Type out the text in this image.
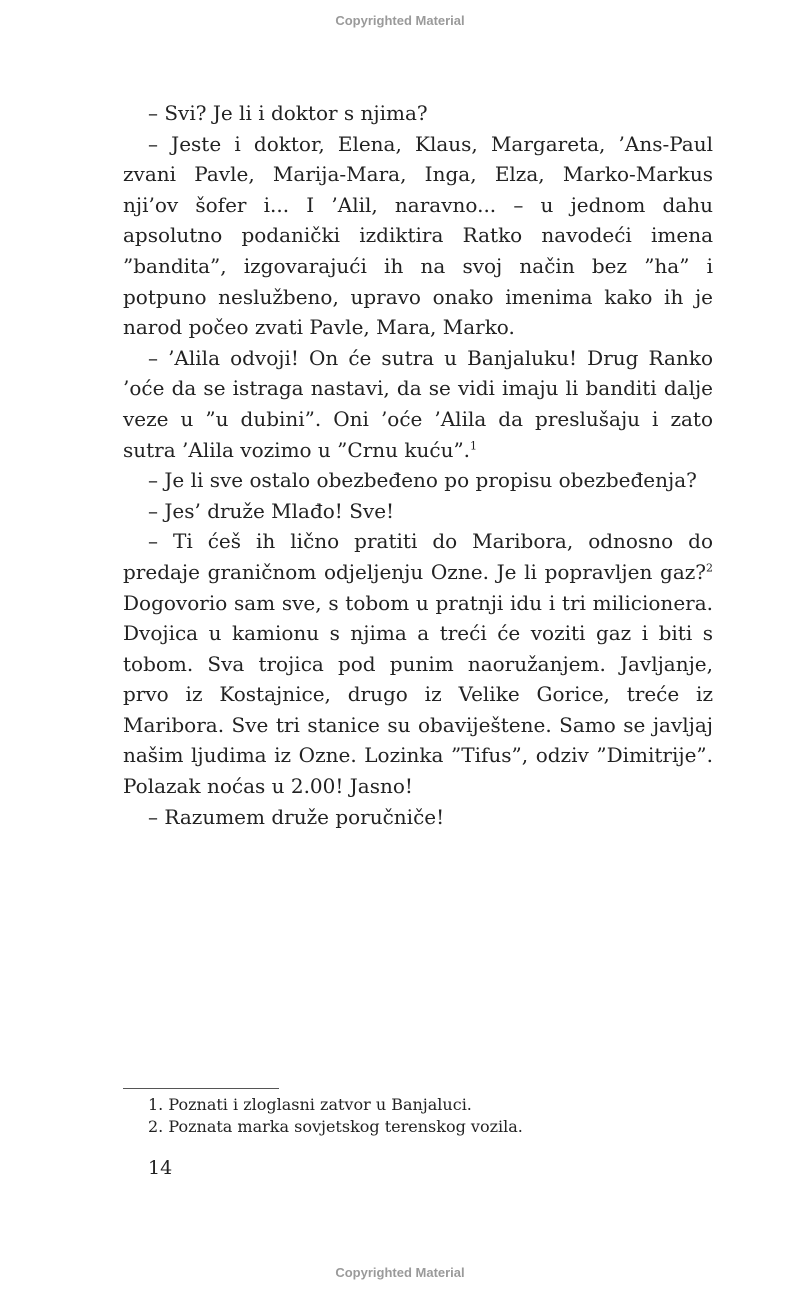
Copyrighted Material

– Svi? Je li i doktor s njima?

– Jeste i doktor, Elena, Klaus, Margareta, ’Ans-Paul zvani Pavle, Marija-Mara, Inga, Elza, Marko-Markus nji’ov šofer i... I ’Alil, naravno... – u jednom dahu apsolutno podanički izdiktira Ratko navodeći imena ”bandita”, izgovarajući ih na svoj način bez ”ha” i potpuno neslužbeno, upravo onako imenima kako ih je narod počeo zvati Pavle, Mara, Marko.

– ’Alila odvoji! On će sutra u Banjaluku! Drug Ranko ’oće da se istraga nastavi, da se vidi imaju li banditi dalje veze u ”u dubini”. Oni ’oće ’Alila da preslušaju i zato sutra ’Alila vozimo u ”Crnu kuću”.$^1$

– Je li sve ostalo obezbeđeno po propisu obezbeđenja?

– Jes’ druže Mlađo! Sve!

– Ti ćeš ih lično pratiti do Maribora, odnosno do predaje graničnom odjeljenju Ozne. Je li popravljen gaz?$^2$ Dogovorio sam sve, s tobom u pratnji idu i tri milicionera. Dvojica u kamionu s njima a treći će voziti gaz i biti s tobom. Sva trojica pod punim naoružanjem. Javljanje, prvo iz Kostajnice, drugo iz Velike Gorice, treće iz Maribora. Sve tri stanice su obaviještene. Samo se javljaj našim ljudima iz Ozne. Lozinka ”Tifus”, odziv ”Dimitrije”. Polazak noćas u 2.00! Jasno!

– Razumem druže poručniče!

1. Poznati i zloglasni zatvor u Banjaluci.

2. Poznata marka sovjetskog terenskog vozila.

14
Copyrighted Material
